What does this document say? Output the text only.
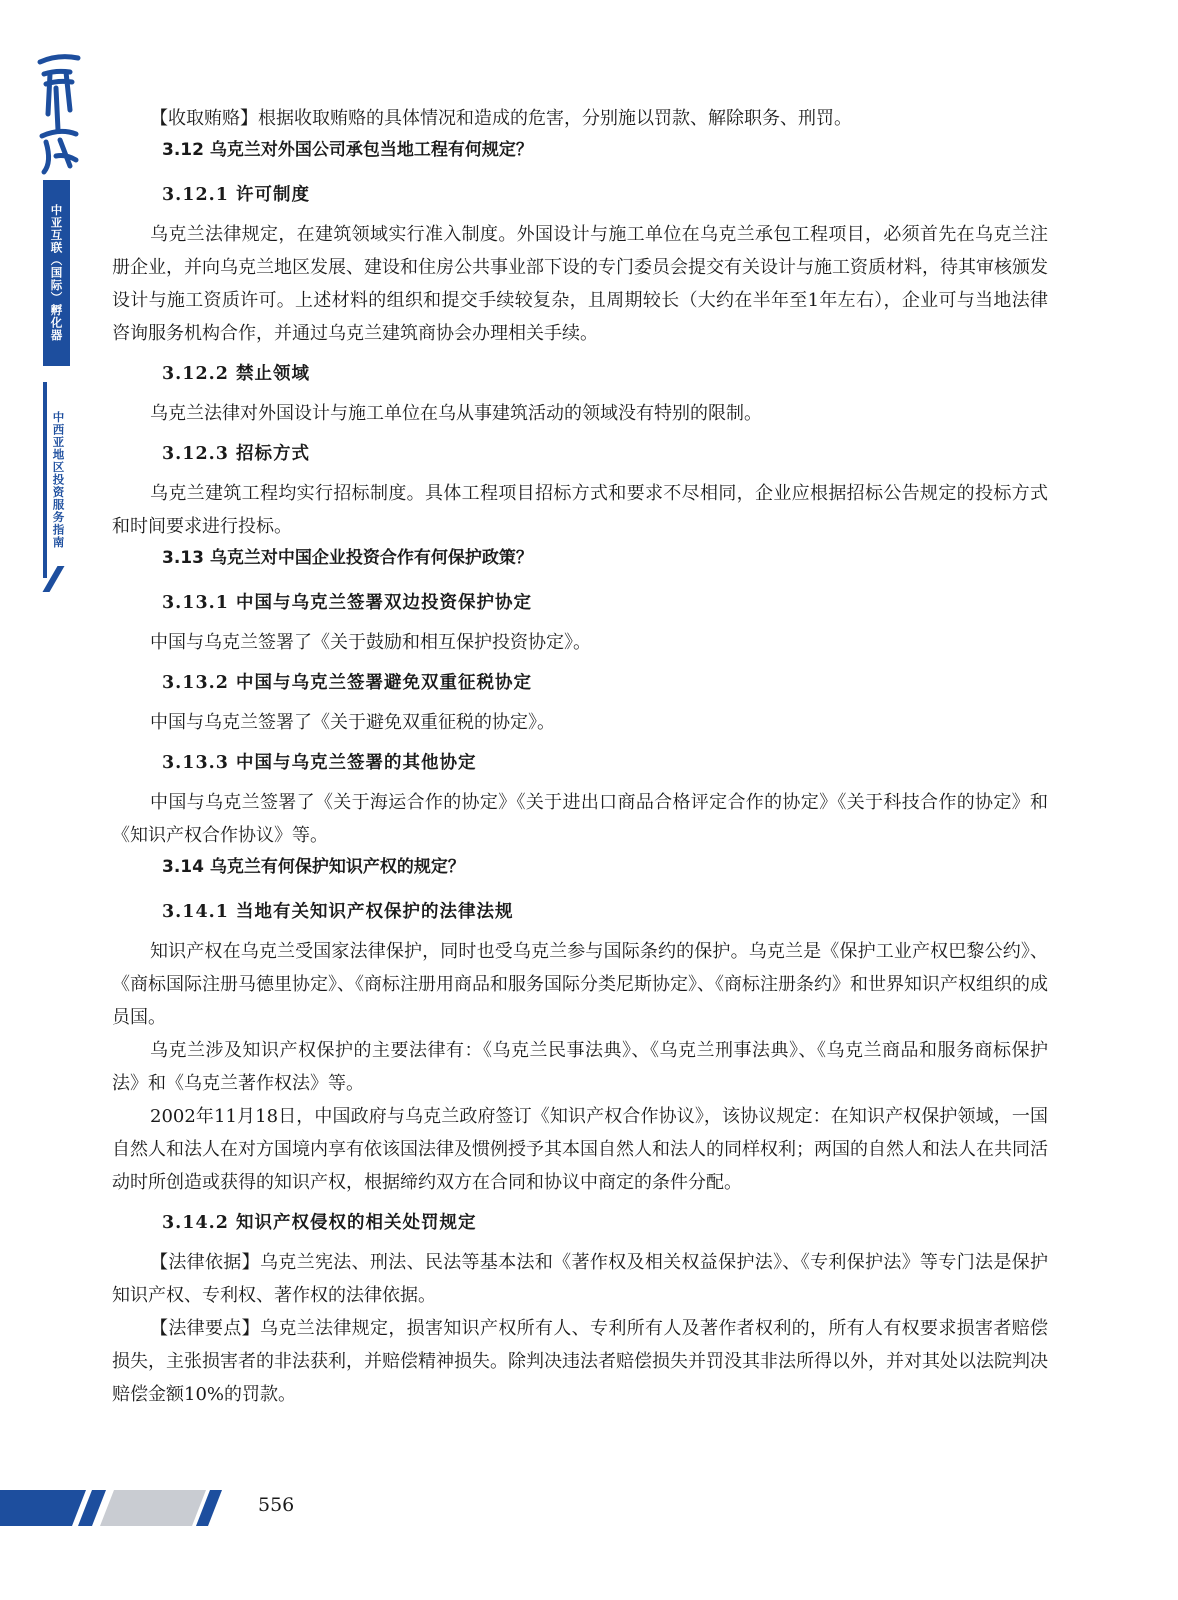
中亚互联（国际）孵化器
中西亚地区投资服务指南

【收取贿赂】根据收取贿赂的具体情况和造成的危害，分别施以罚款、解除职务、刑罚。

3.12 乌克兰对外国公司承包当地工程有何规定？
3.12.1 许可制度

乌克兰法律规定，在建筑领域实行准入制度。外国设计与施工单位在乌克兰承包工程项目，必须首先在乌克兰注册企业，并向乌克兰地区发展、建设和住房公共事业部下设的专门委员会提交有关设计与施工资质材料，待其审核颁发设计与施工资质许可。上述材料的组织和提交手续较复杂，且周期较长（大约在半年至1年左右），企业可与当地法律咨询服务机构合作，并通过乌克兰建筑商协会办理相关手续。

3.12.2 禁止领域

乌克兰法律对外国设计与施工单位在乌从事建筑活动的领域没有特别的限制。

3.12.3 招标方式

乌克兰建筑工程均实行招标制度。具体工程项目招标方式和要求不尽相同，企业应根据招标公告规定的投标方式和时间要求进行投标。

3.13 乌克兰对中国企业投资合作有何保护政策？
3.13.1 中国与乌克兰签署双边投资保护协定

中国与乌克兰签署了《关于鼓励和相互保护投资协定》。

3.13.2 中国与乌克兰签署避免双重征税协定

中国与乌克兰签署了《关于避免双重征税的协定》。

3.13.3 中国与乌克兰签署的其他协定

中国与乌克兰签署了《关于海运合作的协定》《关于进出口商品合格评定合作的协定》《关于科技合作的协定》和《知识产权合作协议》等。

3.14 乌克兰有何保护知识产权的规定？
3.14.1 当地有关知识产权保护的法律法规

知识产权在乌克兰受国家法律保护，同时也受乌克兰参与国际条约的保护。乌克兰是《保护工业产权巴黎公约》、《商标国际注册马德里协定》、《商标注册用商品和服务国际分类尼斯协定》、《商标注册条约》和世界知识产权组织的成员国。

乌克兰涉及知识产权保护的主要法律有：《乌克兰民事法典》、《乌克兰刑事法典》、《乌克兰商品和服务商标保护法》和《乌克兰著作权法》等。

2002年11月18日，中国政府与乌克兰政府签订《知识产权合作协议》，该协议规定：在知识产权保护领域，一国自然人和法人在对方国境内享有依该国法律及惯例授予其本国自然人和法人的同样权利；两国的自然人和法人在共同活动时所创造或获得的知识产权，根据缔约双方在合同和协议中商定的条件分配。

3.14.2 知识产权侵权的相关处罚规定

【法律依据】乌克兰宪法、刑法、民法等基本法和《著作权及相关权益保护法》、《专利保护法》等专门法是保护知识产权、专利权、著作权的法律依据。

【法律要点】乌克兰法律规定，损害知识产权所有人、专利所有人及著作者权利的，所有人有权要求损害者赔偿损失，主张损害者的非法获利，并赔偿精神损失。除判决违法者赔偿损失并罚没其非法所得以外，并对其处以法院判决赔偿金额10%的罚款。

556
